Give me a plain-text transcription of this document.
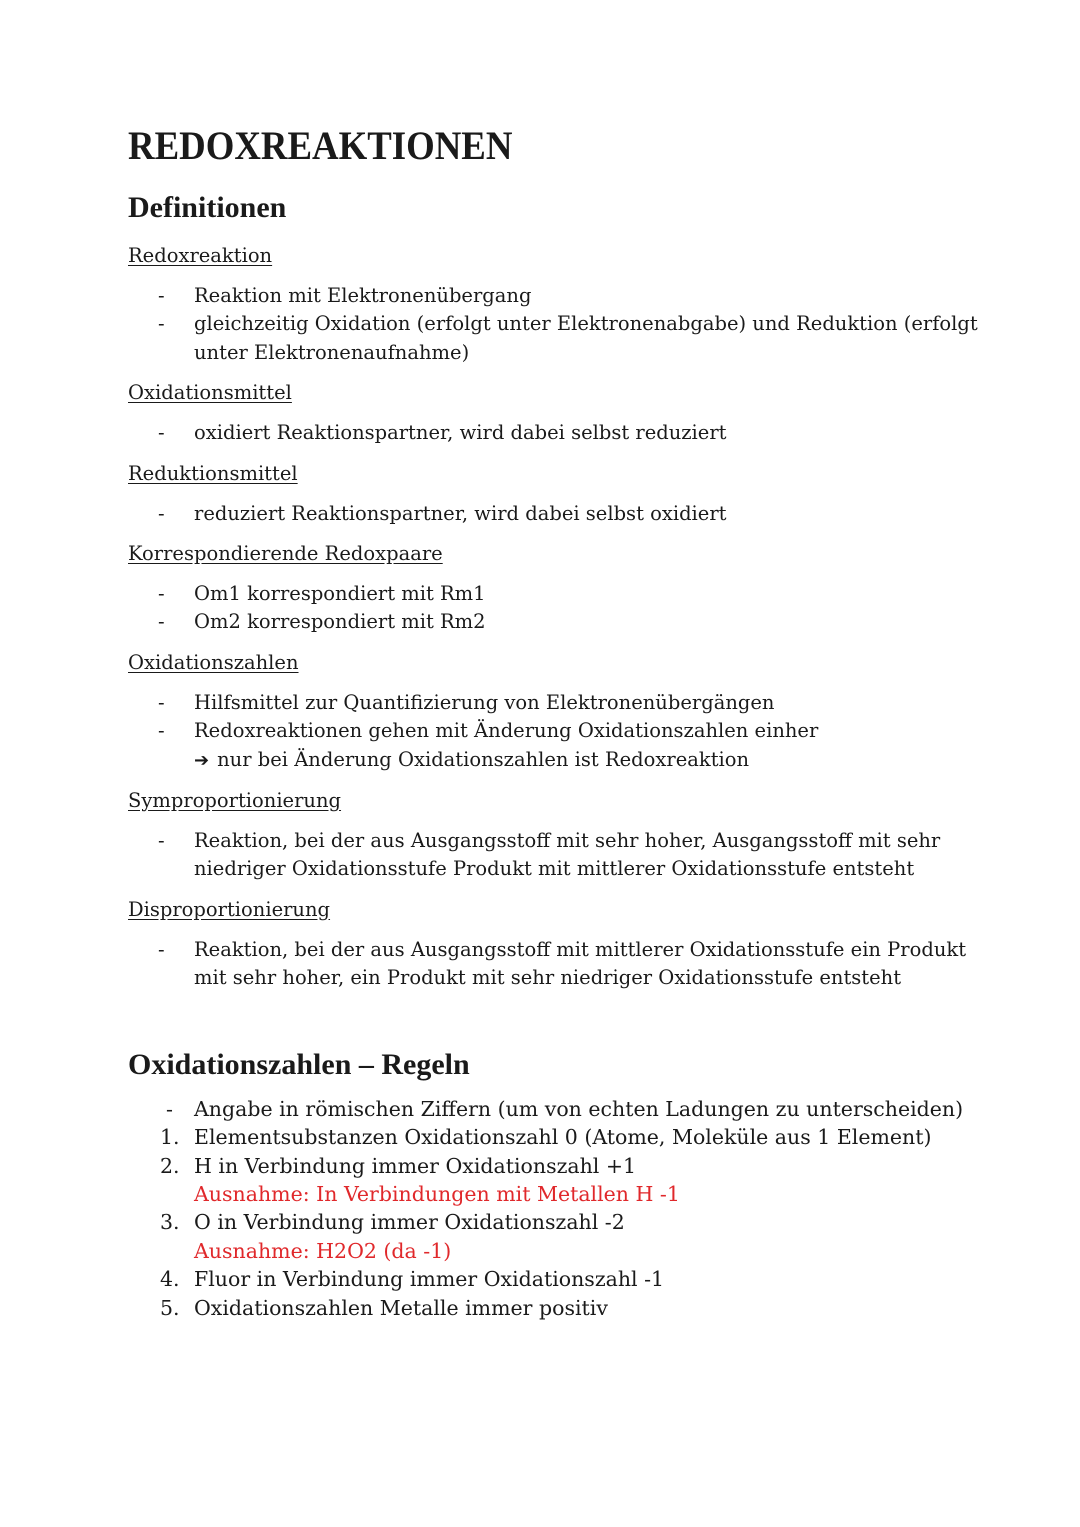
REDOXREAKTIONEN
Definitionen
Redoxreaktion
- Reaktion mit Elektronenübergang
- gleichzeitig Oxidation (erfolgt unter Elektronenabgabe) und Reduktion (erfolgt unter Elektronenaufnahme)
Oxidationsmittel
- oxidiert Reaktionspartner, wird dabei selbst reduziert
Reduktionsmittel
- reduziert Reaktionspartner, wird dabei selbst oxidiert
Korrespondierende Redoxpaare
- Om1 korrespondiert mit Rm1
- Om2 korrespondiert mit Rm2
Oxidationszahlen
- Hilfsmittel zur Quantifizierung von Elektronenübergängen
- Redoxreaktionen gehen mit Änderung Oxidationszahlen einher
➔ nur bei Änderung Oxidationszahlen ist Redoxreaktion
Symproportionierung
- Reaktion, bei der aus Ausgangsstoff mit sehr hoher, Ausgangsstoff mit sehr niedriger Oxidationsstufe Produkt mit mittlerer Oxidationsstufe entsteht
Disproportionierung
- Reaktion, bei der aus Ausgangsstoff mit mittlerer Oxidationsstufe ein Produkt mit sehr hoher, ein Produkt mit sehr niedriger Oxidationsstufe entsteht
Oxidationszahlen – Regeln
- Angabe in römischen Ziffern (um von echten Ladungen zu unterscheiden)
1. Elementsubstanzen Oxidationszahl 0 (Atome, Moleküle aus 1 Element)
2. H in Verbindung immer Oxidationszahl +1
Ausnahme: In Verbindungen mit Metallen H -1
3. O in Verbindung immer Oxidationszahl -2
Ausnahme: H2O2 (da -1)
4. Fluor in Verbindung immer Oxidationszahl -1
5. Oxidationszahlen Metalle immer positiv
